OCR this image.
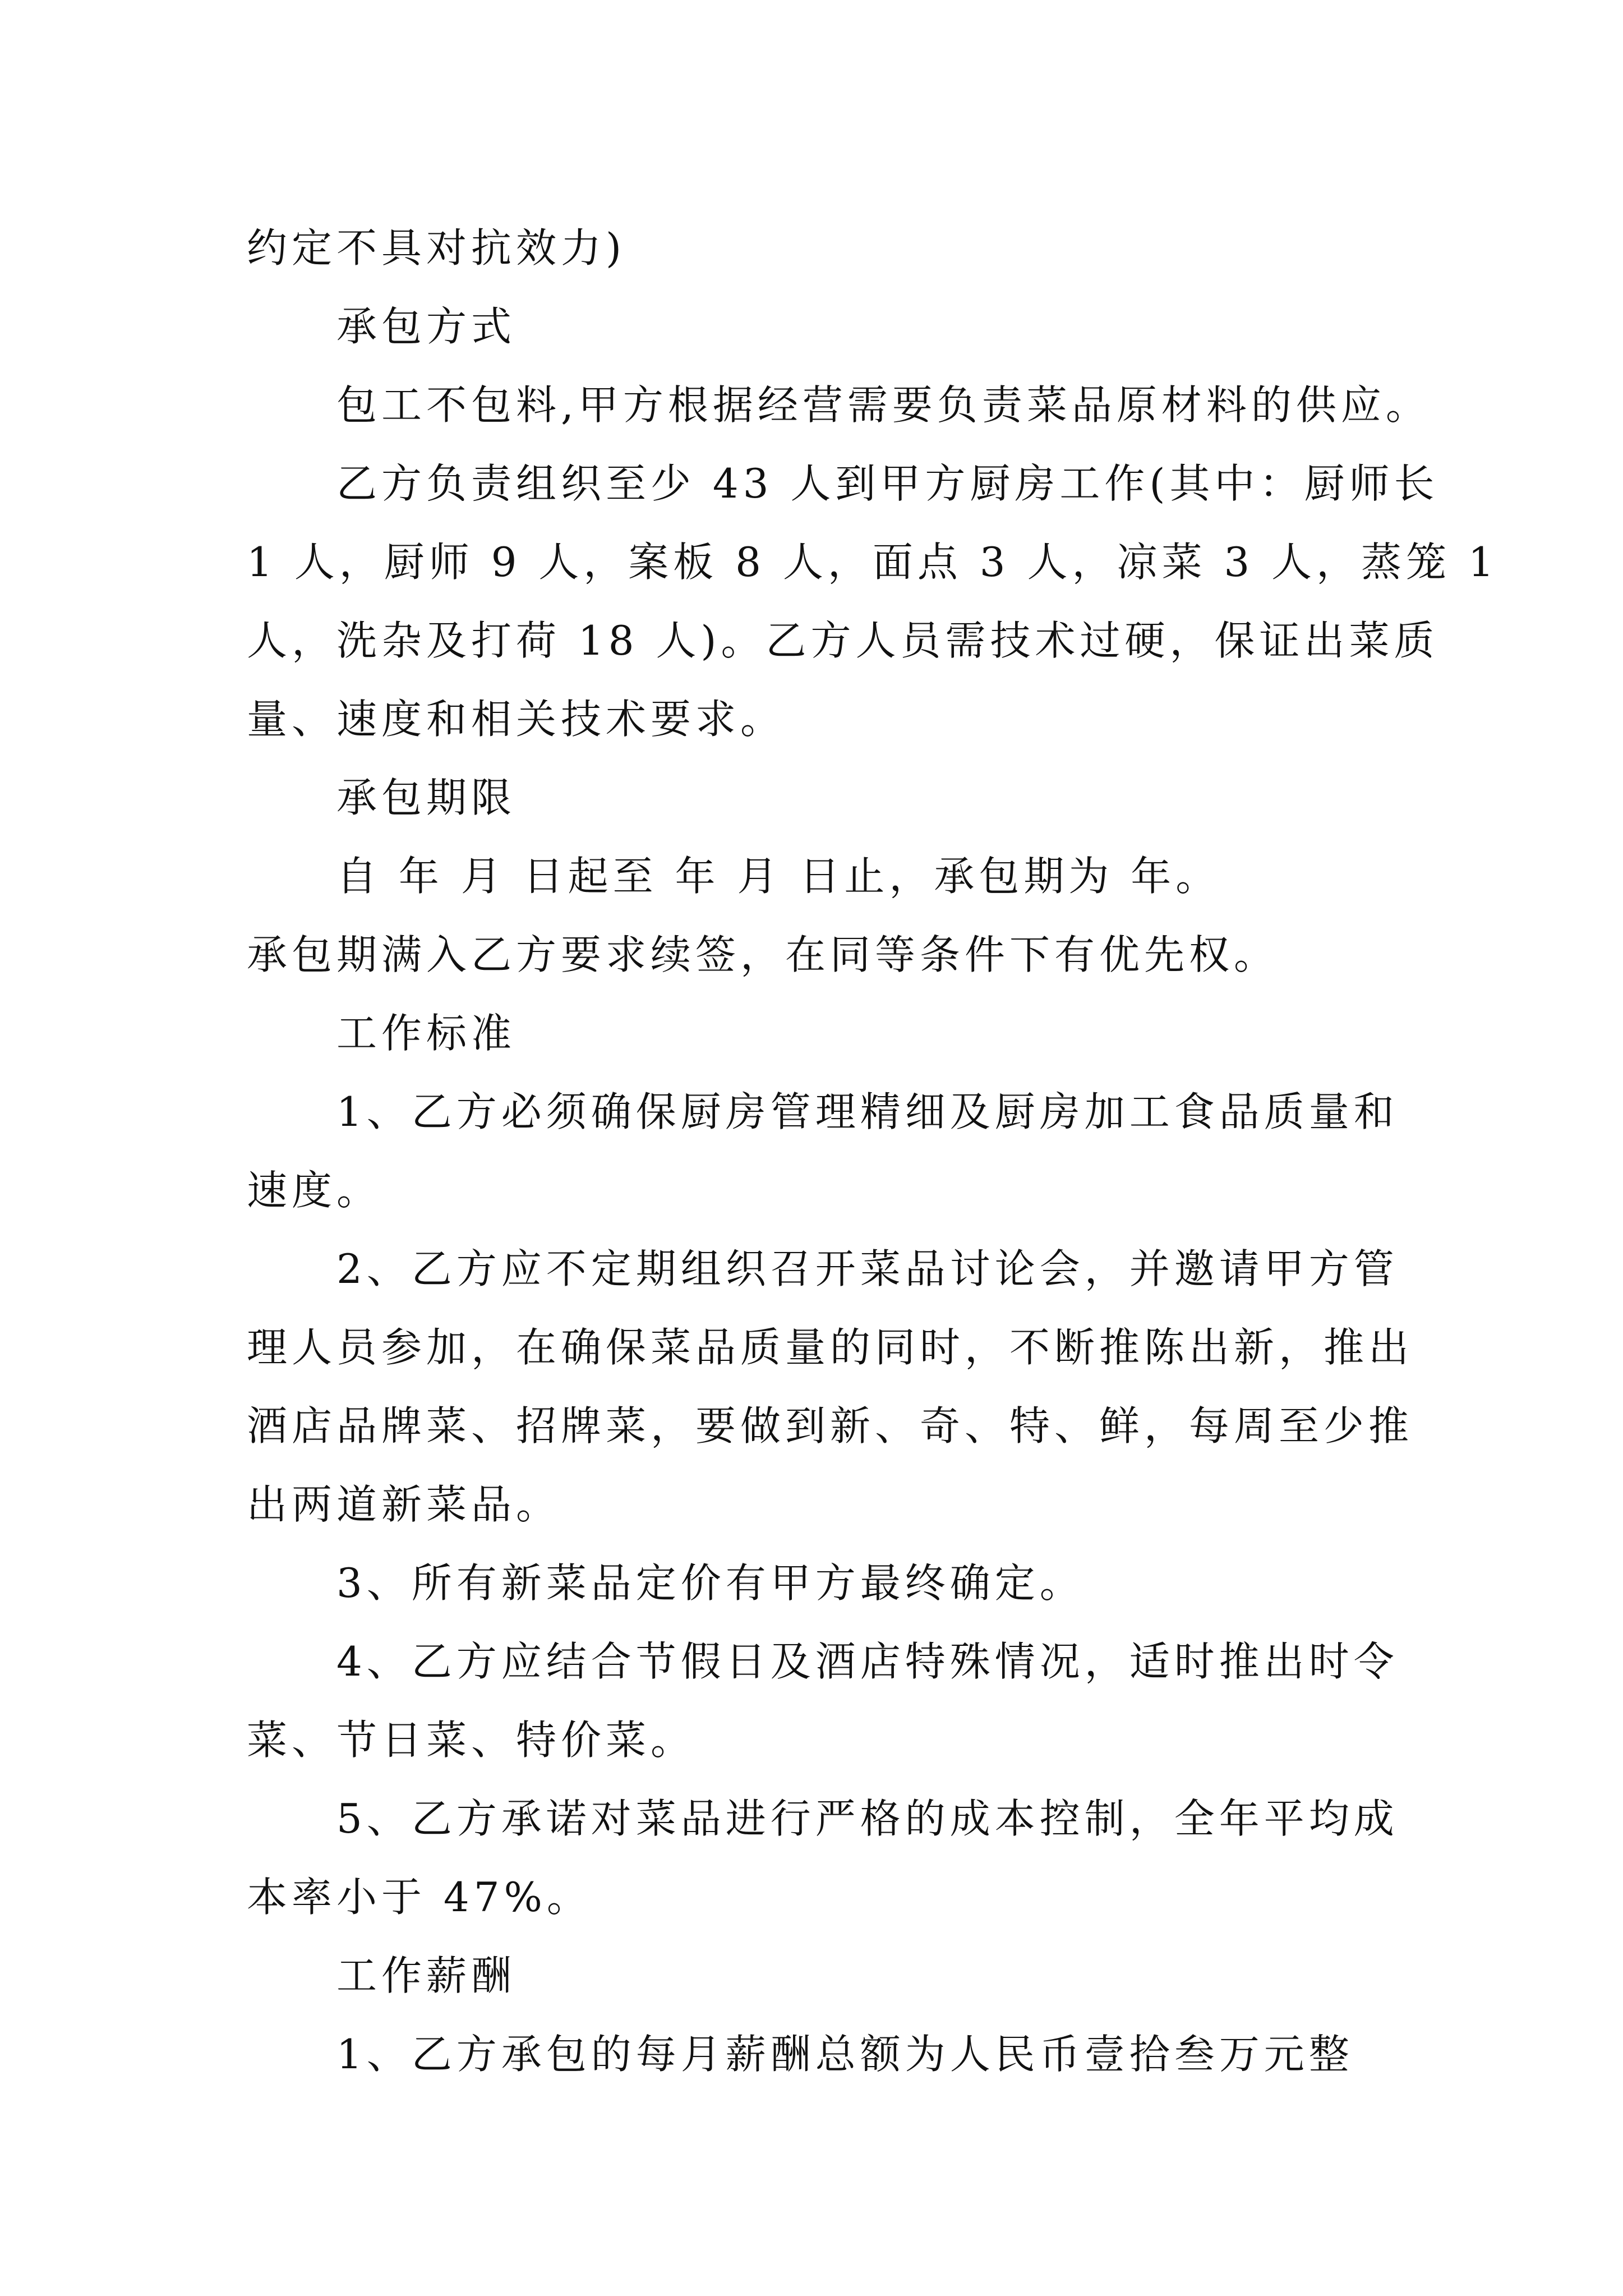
约定不具对抗效力)
承包方式
包工不包料,甲方根据经营需要负责菜品原材料的供应。
乙方负责组织至少 43 人到甲方厨房工作(其中：厨师长
1 人，厨师 9 人，案板 8 人，面点 3 人，凉菜 3 人，蒸笼 1
人，洗杂及打荷 18 人)。乙方人员需技术过硬，保证出菜质
量、速度和相关技术要求。
承包期限
自 年 月 日起至 年 月 日止，承包期为 年。
承包期满入乙方要求续签，在同等条件下有优先权。
工作标准
1、乙方必须确保厨房管理精细及厨房加工食品质量和
速度。
2、乙方应不定期组织召开菜品讨论会，并邀请甲方管
理人员参加，在确保菜品质量的同时，不断推陈出新，推出
酒店品牌菜、招牌菜，要做到新、奇、特、鲜，每周至少推
出两道新菜品。
3、所有新菜品定价有甲方最终确定。
4、乙方应结合节假日及酒店特殊情况，适时推出时令
菜、节日菜、特价菜。
5、乙方承诺对菜品进行严格的成本控制，全年平均成
本率小于 47%。
工作薪酬
1、乙方承包的每月薪酬总额为人民币壹拾叁万元整
